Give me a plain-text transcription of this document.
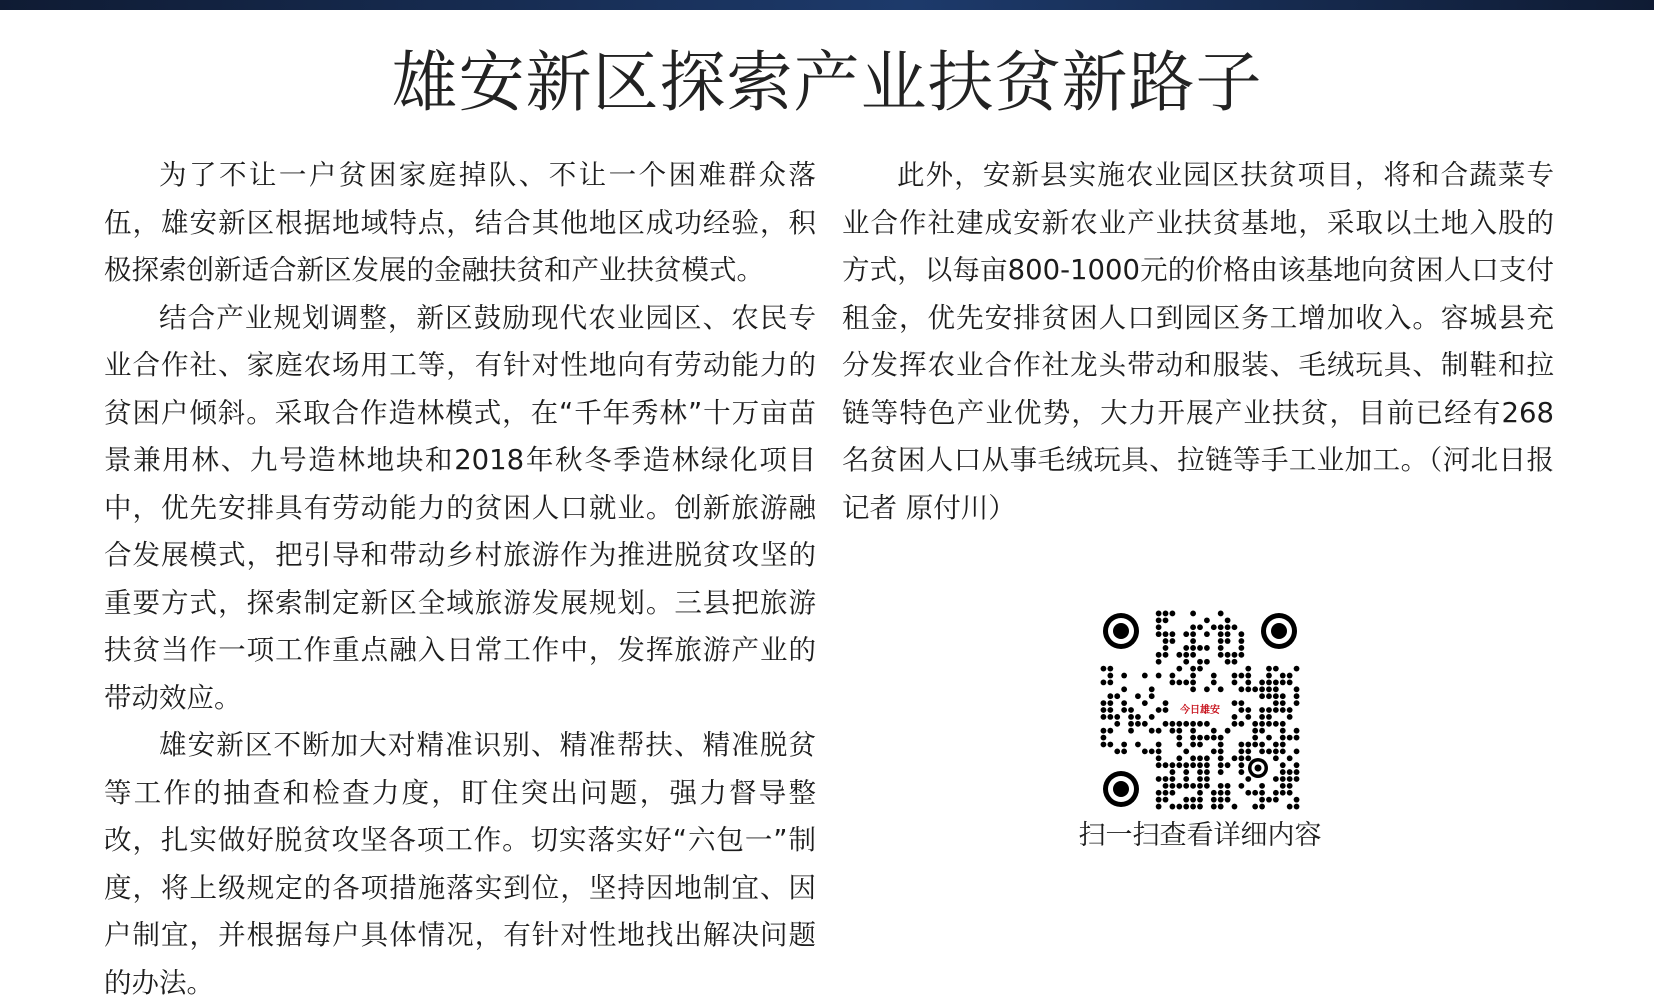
雄安新区探索产业扶贫新路子

为了不让一户贫困家庭掉队、不让一个困难群众落伍，雄安新区根据地域特点，结合其他地区成功经验，积极探索创新适合新区发展的金融扶贫和产业扶贫模式。

结合产业规划调整，新区鼓励现代农业园区、农民专业合作社、家庭农场用工等，有针对性地向有劳动能力的贫困户倾斜。采取合作造林模式，在“千年秀林”十万亩苗景兼用林、九号造林地块和2018年秋冬季造林绿化项目中，优先安排具有劳动能力的贫困人口就业。创新旅游融合发展模式，把引导和带动乡村旅游作为推进脱贫攻坚的重要方式，探索制定新区全域旅游发展规划。三县把旅游扶贫当作一项工作重点融入日常工作中，发挥旅游产业的带动效应。

雄安新区不断加大对精准识别、精准帮扶、精准脱贫等工作的抽查和检查力度，盯住突出问题，强力督导整改，扎实做好脱贫攻坚各项工作。切实落实好“六包一”制度，将上级规定的各项措施落实到位，坚持因地制宜、因户制宜，并根据每户具体情况，有针对性地找出解决问题的办法。

此外，安新县实施农业园区扶贫项目，将和合蔬菜专业合作社建成安新农业产业扶贫基地，采取以土地入股的方式，以每亩800-1000元的价格由该基地向贫困人口支付租金，优先安排贫困人口到园区务工增加收入。容城县充分发挥农业合作社龙头带动和服装、毛绒玩具、制鞋和拉链等特色产业优势，大力开展产业扶贫，目前已经有268名贫困人口从事毛绒玩具、拉链等手工业加工。（河北日报记者 原付川）

今日雄安
扫一扫查看详细内容
